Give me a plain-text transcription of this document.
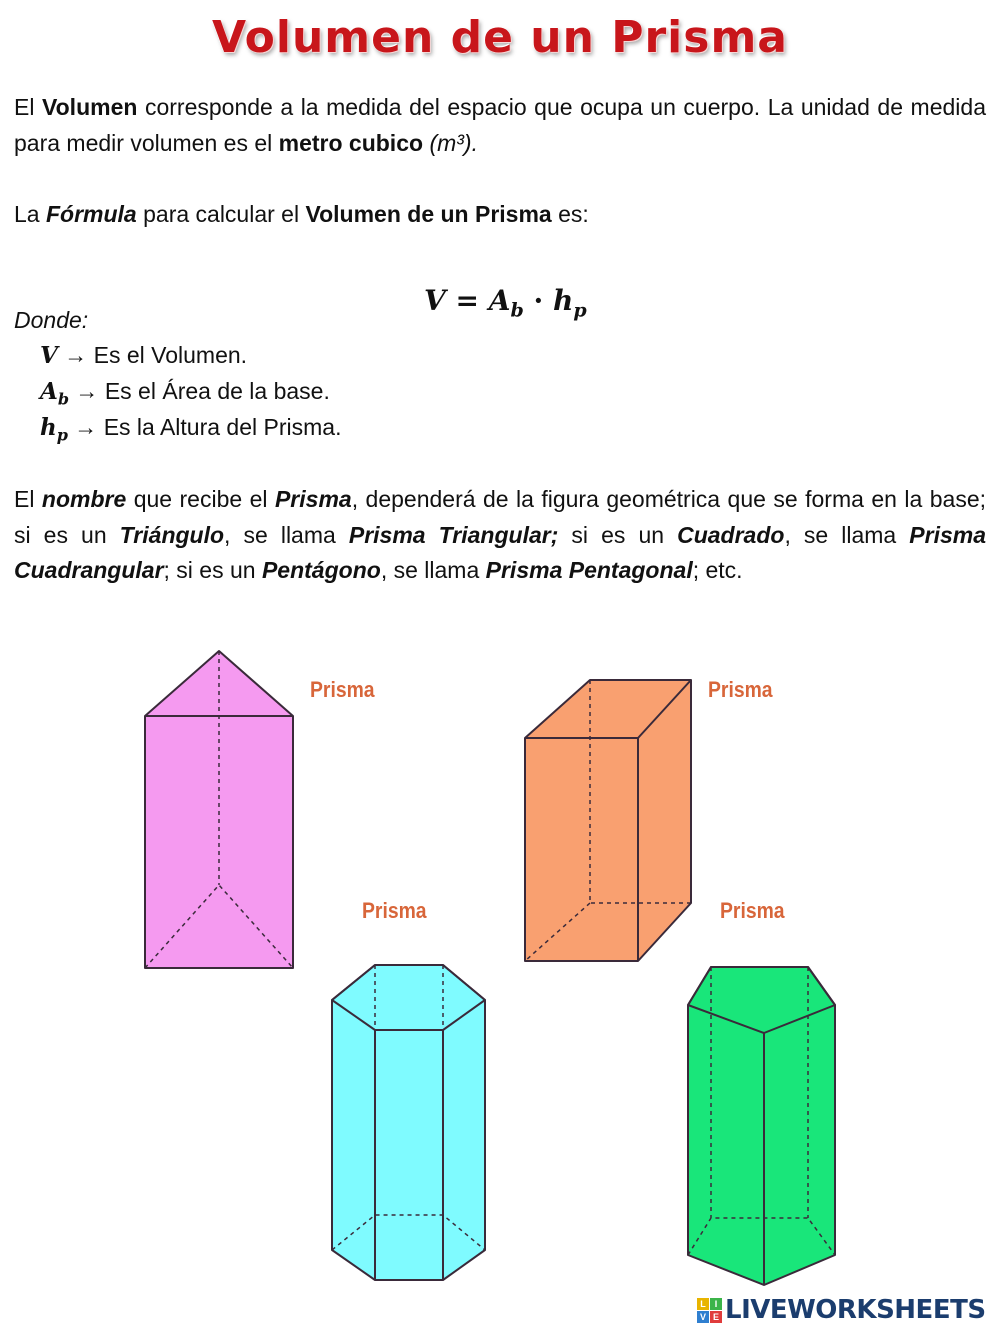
Volumen de un Prisma
El Volumen corresponde a la medida del espacio que ocupa un cuerpo. La unidad de medida para medir volumen es el metro cubico (m³).
La Fórmula para calcular el Volumen de un Prisma es:
$V = A_b \cdot h_p$
Donde:
V → Es el Volumen.
$A_b \to Es$ el Área de la base.
$h_p \to Es$ la Altura del Prisma.
El nombre que recibe el Prisma, dependerá de la figura geométrica que se forma en la base; si es un Triángulo, se llama Prisma Triangular; si es un Cuadrado, se llama Prisma Cuadrangular; si es un Pentágono, se llama Prisma Pentagonal; etc.
Prisma	Prisma
Prisma	Prisma
L I
V E LIVEWORKSHEETS
